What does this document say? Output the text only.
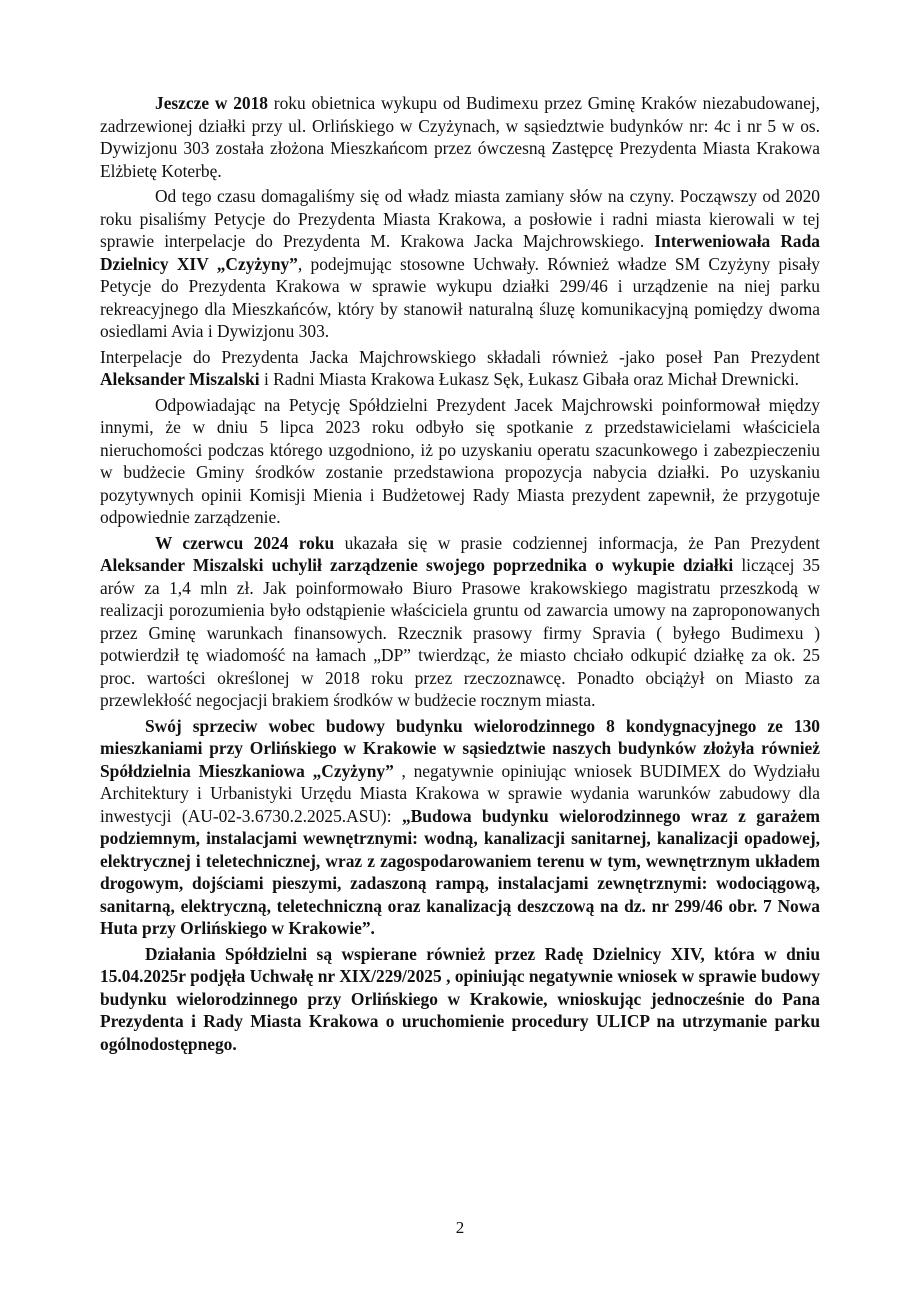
Jeszcze w 2018 roku obietnica wykupu od Budimexu przez Gminę Kraków niezabudowanej, zadrzewionej działki przy ul. Orlińskiego w Czyżynach, w sąsiedztwie budynków nr: 4c i nr 5 w os. Dywizjonu 303 została złożona Mieszkańcom przez ówczesną Zastępcę Prezydenta Miasta Krakowa Elżbietę Koterbę.

Od tego czasu domagaliśmy się od władz miasta zamiany słów na czyny. Począwszy od 2020 roku pisaliśmy Petycje do Prezydenta Miasta Krakowa, a posłowie i radni miasta kierowali w tej sprawie interpelacje do Prezydenta M. Krakowa Jacka Majchrowskiego. Interweniowała Rada Dzielnicy XIV „Czyżyny”, podejmując stosowne Uchwały. Również władze SM Czyżyny pisały Petycje do Prezydenta Krakowa w sprawie wykupu działki 299/46 i urządzenie na niej parku rekreacyjnego dla Mieszkańców, który by stanowił naturalną śluzę komunikacyjną pomiędzy dwoma osiedlami Avia i Dywizjonu 303.

Interpelacje do Prezydenta Jacka Majchrowskiego składali również -jako poseł Pan Prezydent Aleksander Miszalski i Radni Miasta Krakowa Łukasz Sęk, Łukasz Gibała oraz Michał Drewnicki.

Odpowiadając na Petycję Spółdzielni Prezydent Jacek Majchrowski poinformował między innymi, że w dniu 5 lipca 2023 roku odbyło się spotkanie z przedstawicielami właściciela nieruchomości podczas którego uzgodniono, iż po uzyskaniu operatu szacunkowego i zabezpieczeniu w budżecie Gminy środków zostanie przedstawiona propozycja nabycia działki. Po uzyskaniu pozytywnych opinii Komisji Mienia i Budżetowej Rady Miasta prezydent zapewnił, że przygotuje odpowiednie zarządzenie.

W czerwcu 2024 roku ukazała się w prasie codziennej informacja, że Pan Prezydent Aleksander Miszalski uchylił zarządzenie swojego poprzednika o wykupie działki liczącej 35 arów za 1,4 mln zł. Jak poinformowało Biuro Prasowe krakowskiego magistratu przeszkodą w realizacji porozumienia było odstąpienie właściciela gruntu od zawarcia umowy na zaproponowanych przez Gminę warunkach finansowych. Rzecznik prasowy firmy Spravia ( byłego Budimexu ) potwierdził tę wiadomość na łamach „DP” twierdząc, że miasto chciało odkupić działkę za ok. 25 proc. wartości określonej w 2018 roku przez rzeczoznawcę. Ponadto obciążył on Miasto za przewlekłość negocjacji brakiem środków w budżecie rocznym miasta.

Swój sprzeciw wobec budowy budynku wielorodzinnego 8 kondygnacyjnego ze 130 mieszkaniami przy Orlińskiego w Krakowie w sąsiedztwie naszych budynków złożyła również Spółdzielnia Mieszkaniowa „Czyżyny” , negatywnie opiniując wniosek BUDIMEX do Wydziału Architektury i Urbanistyki Urzędu Miasta Krakowa w sprawie wydania warunków zabudowy dla inwestycji (AU-02-3.6730.2.2025.ASU): „Budowa budynku wielorodzinnego wraz z garażem podziemnym, instalacjami wewnętrznymi: wodną, kanalizacji sanitarnej, kanalizacji opadowej, elektrycznej i teletechnicznej, wraz z zagospodarowaniem terenu w tym, wewnętrznym układem drogowym, dojściami pieszymi, zadaszoną rampą, instalacjami zewnętrznymi: wodociągową, sanitarną, elektryczną, teletechniczną oraz kanalizacją deszczową na dz. nr 299/46 obr. 7 Nowa Huta przy Orlińskiego w Krakowie”.

Działania Spółdzielni są wspierane również przez Radę Dzielnicy XIV, która w dniu 15.04.2025r podjęła Uchwałę nr XIX/229/2025 , opiniując negatywnie wniosek w sprawie budowy budynku wielorodzinnego przy Orlińskiego w Krakowie, wnioskując jednocześnie do Pana Prezydenta i Rady Miasta Krakowa o uruchomienie procedury ULICP na utrzymanie parku ogólnodostępnego.

2
